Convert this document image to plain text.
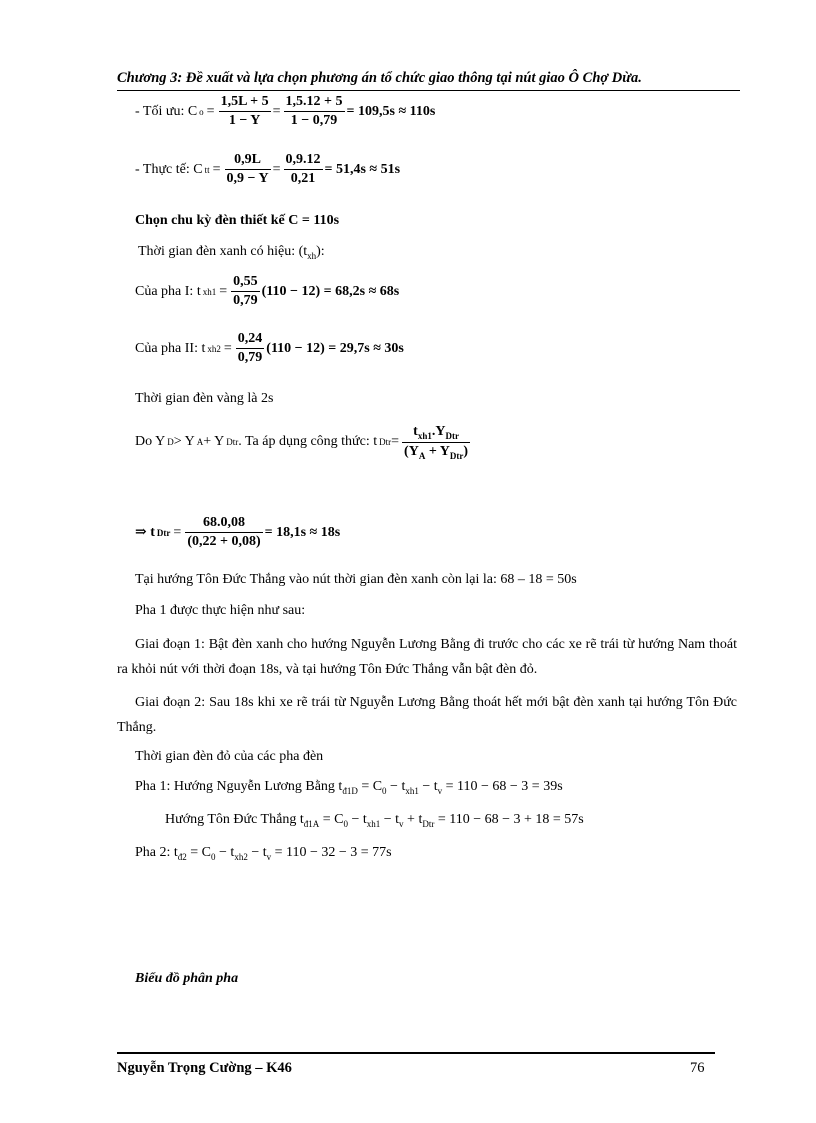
Chương 3: Đề xuất và lựa chọn phương án tổ chức giao thông tại nút giao Ô Chợ Dừa.
- Tối ưu: C $o = \frac{1,5L + 5}{1 - Y} = \frac{1,5.12 + 5}{1 - 0,79} = 109,5s \approx 110s$
- Thực tế: C tt = $\frac{0,9L}{0,9 - Y} = \frac{0,9.12}{0,21} = 51,4s \approx 51s$
Chọn chu kỳ đèn thiết kế C = 110s
Thời gian đèn xanh có hiệu: $(t_{xh})$:
Của pha I: t $xh1 = \frac{0,55}{0,79} (110 - 12) = 68,2s \approx 68s$
Của pha II: t $xh2 = \frac{0,24}{0,79} (110 - 12) = 29,7s \approx 30s$
Thời gian đèn vàng là 2s
Do Y D > Y A + Y Dtr . Ta áp dụng công thức: t Dtr = $\frac{t_{xh1}.Y_{Dtr}}{(Y_A + Y_{Dtr})}$
⇒ t Dtr = $\frac{68.0,08}{(0,22 + 0,08)} = 18,1s \approx 18s$
Tại hướng Tôn Đức Thắng vào nút thời gian đèn xanh còn lại la: 68 – 18 = 50s
Pha 1 được thực hiện như sau:
Giai đoạn 1: Bật đèn xanh cho hướng Nguyễn Lương Bằng đi trước cho các xe rẽ trái từ hướng Nam thoát ra khỏi nút với thời đoạn 18s, và tại hướng Tôn Đức Thắng vẫn bật đèn đỏ.
Giai đoạn 2: Sau 18s khi xe rẽ trái từ Nguyễn Lương Bằng thoát hết mới bật đèn xanh tại hướng Tôn Đức Thắng.
Thời gian đèn đỏ của các pha đèn
Pha 1: Hướng Nguyễn Lương Bằng $t_{đ1D} = C_0 - t_{xh1} - t_v = 110 - 68 - 3 = 39s$
Hướng Tôn Đức Thắng $t_{đ1A} = C_0 - t_{xh1} - t_v + t_{Dtr} = 110 - 68 - 3 + 18 = 57s$
Pha 2: $t_{đ2} = C_0 - t_{xh2} - t_v = 110 - 32 - 3 = 77s$
Biểu đồ phân pha
Nguyễn Trọng Cường – K46	76
